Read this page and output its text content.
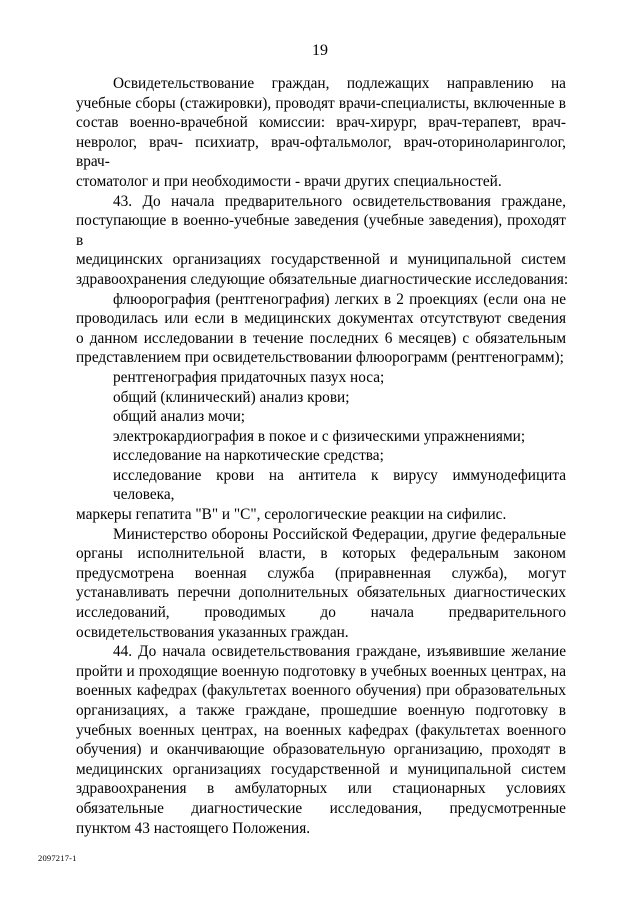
19
Освидетельствование граждан, подлежащих направлению на
учебные сборы (стажировки), проводят врачи-специалисты, включенные в
состав военно-врачебной комиссии: врач-хирург, врач-терапевт, врач-
невролог, врач- психиатр, врач-офтальмолог, врач-оториноларинголог, врач-
стоматолог и при необходимости - врачи других специальностей.
43. До начала предварительного освидетельствования граждане,
поступающие в военно-учебные заведения (учебные заведения), проходят в
медицинских организациях государственной и муниципальной систем
здравоохранения следующие обязательные диагностические исследования:
флюорография (рентгенография) легких в 2 проекциях (если она не
проводилась или если в медицинских документах отсутствуют сведения
о данном исследовании в течение последних 6 месяцев) с обязательным
представлением при освидетельствовании флюорограмм (рентгенограмм);
рентгенография придаточных пазух носа;
общий (клинический) анализ крови;
общий анализ мочи;
электрокардиография в покое и с физическими упражнениями;
исследование на наркотические средства;
исследование крови на антитела к вирусу иммунодефицита человека,
маркеры гепатита "В" и "С", серологические реакции на сифилис.
Министерство обороны Российской Федерации, другие федеральные
органы исполнительной власти, в которых федеральным законом
предусмотрена военная служба (приравненная служба), могут
устанавливать перечни дополнительных обязательных диагностических
исследований, проводимых до начала предварительного
освидетельствования указанных граждан.
44. До начала освидетельствования граждане, изъявившие желание
пройти и проходящие военную подготовку в учебных военных центрах, на
военных кафедрах (факультетах военного обучения) при образовательных
организациях, а также граждане, прошедшие военную подготовку в
учебных военных центрах, на военных кафедрах (факультетах военного
обучения) и оканчивающие образовательную организацию, проходят в
медицинских организациях государственной и муниципальной систем
здравоохранения в амбулаторных или стационарных условиях
обязательные диагностические исследования, предусмотренные
пунктом 43 настоящего Положения.
2097217-1
